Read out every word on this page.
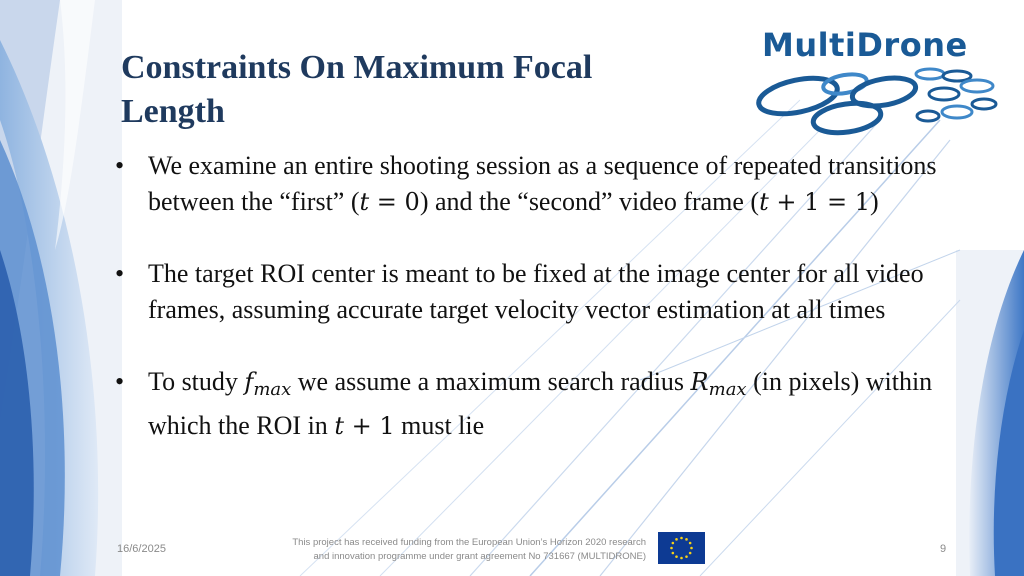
Constraints On Maximum Focal Length
MultiDrone
• We examine an entire shooting session as a sequence of repeated transitions between the “first” (t = 0) and the “second” video frame (t + 1 = 1)
• The target ROI center is meant to be fixed at the image center for all video frames, assuming accurate target velocity vector estimation at all times
• To study $f_{max}$ we assume a maximum search radius $R_{max}$ (in pixels) within which the ROI in t + 1 must lie
16/6/2025
This project has received funding from the European Union’s Horizon 2020 research
and innovation programme under grant agreement No 731667 (MULTIDRONE)
9
